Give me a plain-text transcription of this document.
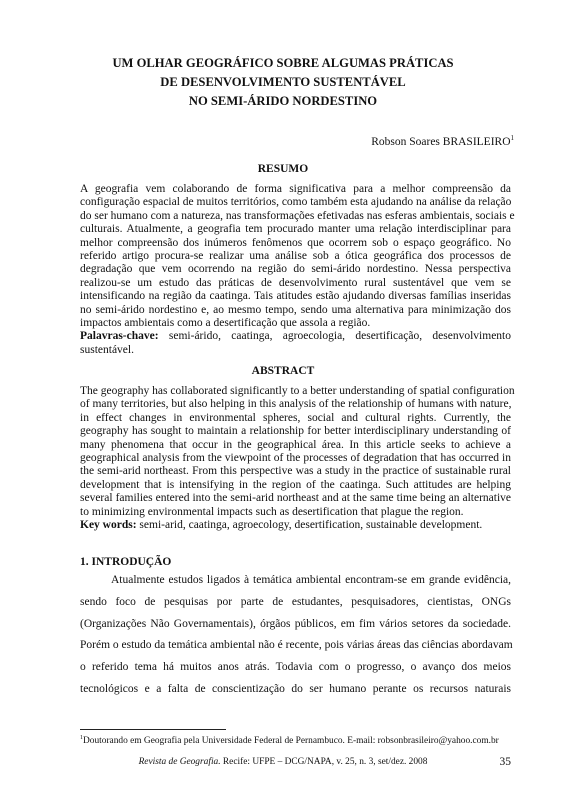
UM OLHAR GEOGRÁFICO SOBRE ALGUMAS PRÁTICAS
DE DESENVOLVIMENTO SUSTENTÁVEL
NO SEMI-ÁRIDO NORDESTINO
Robson Soares BRASILEIRO$^1$
RESUMO
A geografia vem colaborando de forma significativa para a melhor compreensão da
configuração espacial de muitos territórios, como também esta ajudando na análise da relação
do ser humano com a natureza, nas transformações efetivadas nas esferas ambientais, sociais e
culturais. Atualmente, a geografia tem procurado manter uma relação interdisciplinar para
melhor compreensão dos inúmeros fenômenos que ocorrem sob o espaço geográfico. No
referido artigo procura-se realizar uma análise sob a ótica geográfica dos processos de
degradação que vem ocorrendo na região do semi-árido nordestino. Nessa perspectiva
realizou-se um estudo das práticas de desenvolvimento rural sustentável que vem se
intensificando na região da caatinga. Tais atitudes estão ajudando diversas famílias inseridas
no semi-árido nordestino e, ao mesmo tempo, sendo uma alternativa para minimização dos
impactos ambientais como a desertificação que assola a região.
Palavras-chave: semi-árido, caatinga, agroecologia, desertificação, desenvolvimento
sustentável.
ABSTRACT
The geography has collaborated significantly to a better understanding of spatial configuration
of many territories, but also helping in this analysis of the relationship of humans with nature,
in effect changes in environmental spheres, social and cultural rights. Currently, the
geography has sought to maintain a relationship for better interdisciplinary understanding of
many phenomena that occur in the geographical área. In this article seeks to achieve a
geographical analysis from the viewpoint of the processes of degradation that has occurred in
the semi-arid northeast. From this perspective was a study in the practice of sustainable rural
development that is intensifying in the region of the caatinga. Such attitudes are helping
several families entered into the semi-arid northeast and at the same time being an alternative
to minimizing environmental impacts such as desertification that plague the region.
Key words: semi-arid, caatinga, agroecology, desertification, sustainable development.
1. INTRODUÇÃO
Atualmente estudos ligados à temática ambiental encontram-se em grande evidência,
sendo foco de pesquisas por parte de estudantes, pesquisadores, cientistas, ONGs
(Organizações Não Governamentais), órgãos públicos, em fim vários setores da sociedade.
Porém o estudo da temática ambiental não é recente, pois várias áreas das ciências abordavam
o referido tema há muitos anos atrás. Todavia com o progresso, o avanço dos meios
tecnológicos e a falta de conscientização do ser humano perante os recursos naturais
$^1$Doutorando em Geografia pela Universidade Federal de Pernambuco. E-mail: robsonbrasileiro@yahoo.com.br
Revista de Geografia. Recife: UFPE – DCG/NAPA, v. 25, n. 3, set/dez. 2008	35
